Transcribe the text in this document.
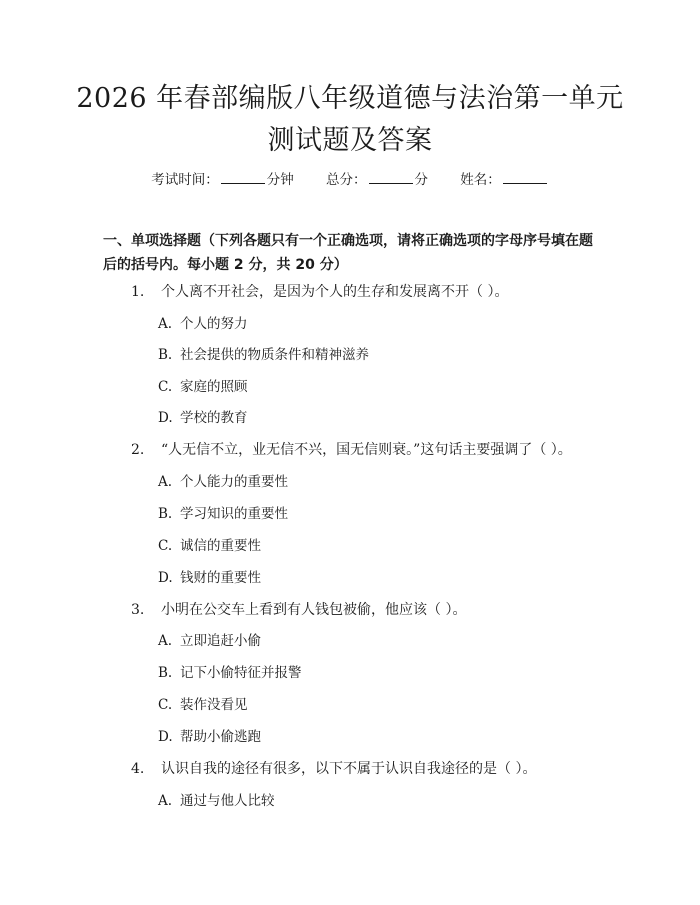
2026 年春部编版八年级道德与法治第一单元
测试题及答案
考试时间：	分钟 总分：	分 姓名：
一、单项选择题（下列各题只有一个正确选项，请将正确选项的字母序号填在题后的括号内。每小题 2 分，共 20 分）
1. 个人离不开社会，是因为个人的生存和发展离不开（ ）。
A. 个人的努力
B. 社会提供的物质条件和精神滋养
C. 家庭的照顾
D. 学校的教育
2. “人无信不立，业无信不兴，国无信则衰。”这句话主要强调了（ ）。
A. 个人能力的重要性
B. 学习知识的重要性
C. 诚信的重要性
D. 钱财的重要性
3. 小明在公交车上看到有人钱包被偷，他应该（ ）。
A. 立即追赶小偷
B. 记下小偷特征并报警
C. 装作没看见
D. 帮助小偷逃跑
4. 认识自我的途径有很多，以下不属于认识自我途径的是（ ）。
A. 通过与他人比较
